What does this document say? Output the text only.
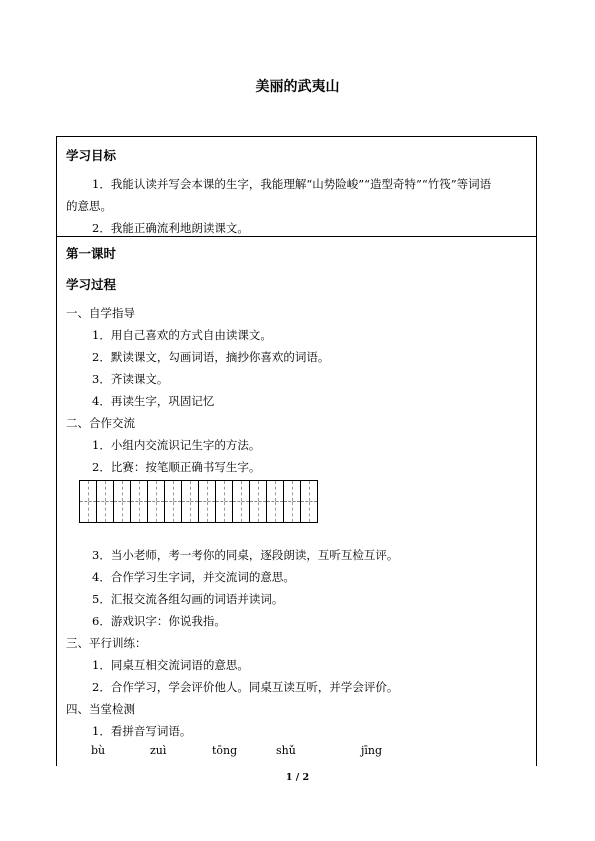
美丽的武夷山
学习目标
1．我能认读并写会本课的生字，我能理解“山势险峻”“造型奇特”“竹筏”等词语
的意思。
2．我能正确流利地朗读课文。
第一课时
学习过程
一、自学指导
1．用自己喜欢的方式自由读课文。
2．默读课文，勾画词语，摘抄你喜欢的词语。
3．齐读课文。
4．再读生字，巩固记忆
二、合作交流
1．小组内交流识记生字的方法。
2．比赛：按笔顺正确书写生字。

3．当小老师，考一考你的同桌，逐段朗读，互听互检互评。
4．合作学习生字词，并交流词的意思。
5．汇报交流各组勾画的词语并读词。
6．游戏识字：你说我指。
三、平行训练：
1．同桌互相交流词语的意思。
2．合作学习，学会评价他人。同桌互读互听，并学会评价。
四、当堂检测
1．看拼音写词语。
bù	zuì	tōng	shǔ	jīng
1 / 2
